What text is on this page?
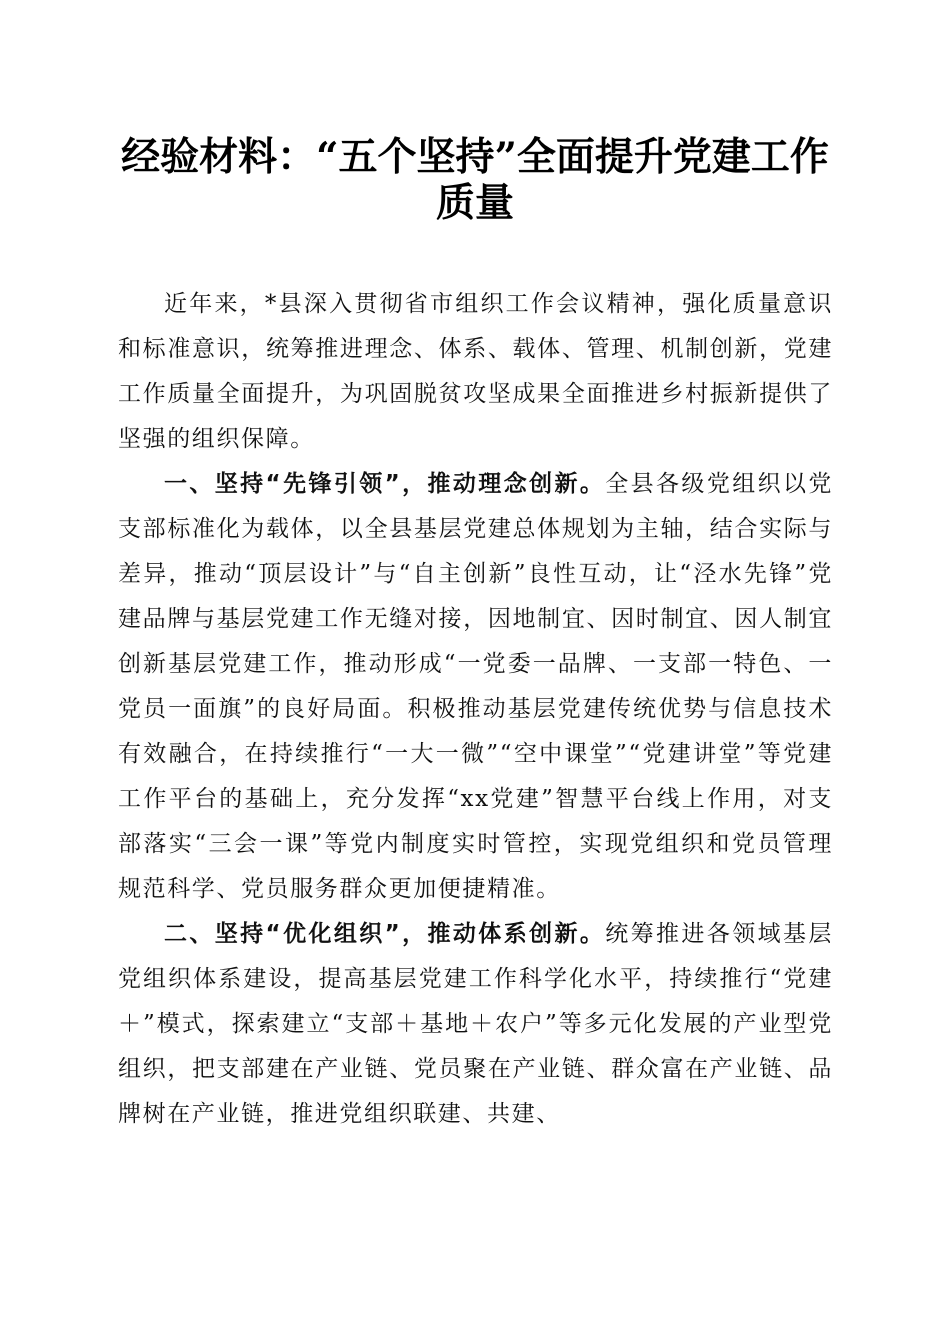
经验材料：“五个坚持”全面提升党建工作质量

近年来，*县深入贯彻省市组织工作会议精神，强化质量意识和标准意识，统筹推进理念、体系、载体、管理、机制创新，党建工作质量全面提升，为巩固脱贫攻坚成果全面推进乡村振新提供了坚强的组织保障。

一、坚持“先锋引领”，推动理念创新。全县各级党组织以党支部标准化为载体，以全县基层党建总体规划为主轴，结合实际与差异，推动“顶层设计”与“自主创新”良性互动，让“泾水先锋”党建品牌与基层党建工作无缝对接，因地制宜、因时制宜、因人制宜创新基层党建工作，推动形成“一党委一品牌、一支部一特色、一党员一面旗”的良好局面。积极推动基层党建传统优势与信息技术有效融合，在持续推行“一大一微”“空中课堂”“党建讲堂”等党建工作平台的基础上，充分发挥“xx党建”智慧平台线上作用，对支部落实“三会一课”等党内制度实时管控，实现党组织和党员管理规范科学、党员服务群众更加便捷精准。

二、坚持“优化组织”，推动体系创新。统筹推进各领域基层党组织体系建设，提高基层党建工作科学化水平，持续推行“党建＋”模式，探索建立“支部＋基地＋农户”等多元化发展的产业型党组织，把支部建在产业链、党员聚在产业链、群众富在产业链、品牌树在产业链，推进党组织联建、共建、
